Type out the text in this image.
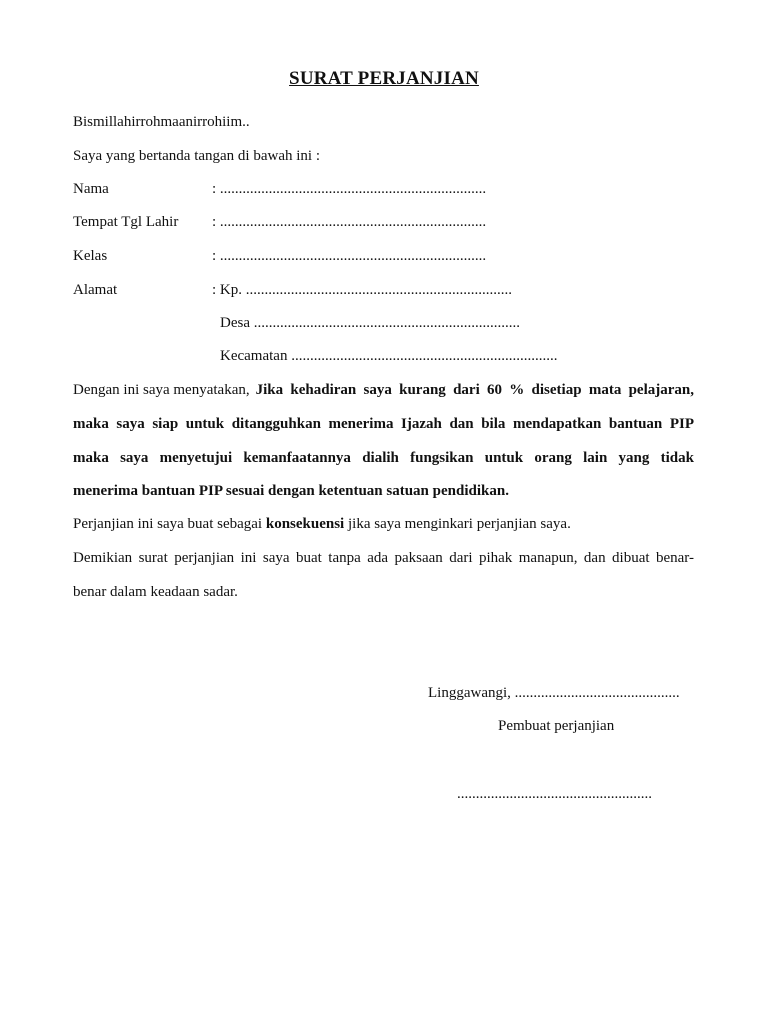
SURAT PERJANJIAN
Bismillahirrohmaanirrohiim..
Saya yang bertanda tangan di bawah ini :
Nama	: .......................................................................
Tempat Tgl Lahir : .......................................................................
Kelas	: .......................................................................
Alamat	: Kp. .......................................................................
Desa .......................................................................
Kecamatan .......................................................................
Dengan ini saya menyatakan, Jika kehadiran saya kurang dari 60 % disetiap mata pelajaran,
maka saya siap untuk ditangguhkan menerima Ijazah dan bila mendapatkan bantuan PIP
maka saya menyetujui kemanfaatannya dialih fungsikan untuk orang lain yang tidak
menerima bantuan PIP sesuai dengan ketentuan satuan pendidikan.
Perjanjian ini saya buat sebagai konsekuensi jika saya menginkari perjanjian saya.
Demikian surat perjanjian ini saya buat tanpa ada paksaan dari pihak manapun, dan dibuat benar-
benar dalam keadaan sadar.
Linggawangi, ............................................
Pembuat perjanjian
....................................................
